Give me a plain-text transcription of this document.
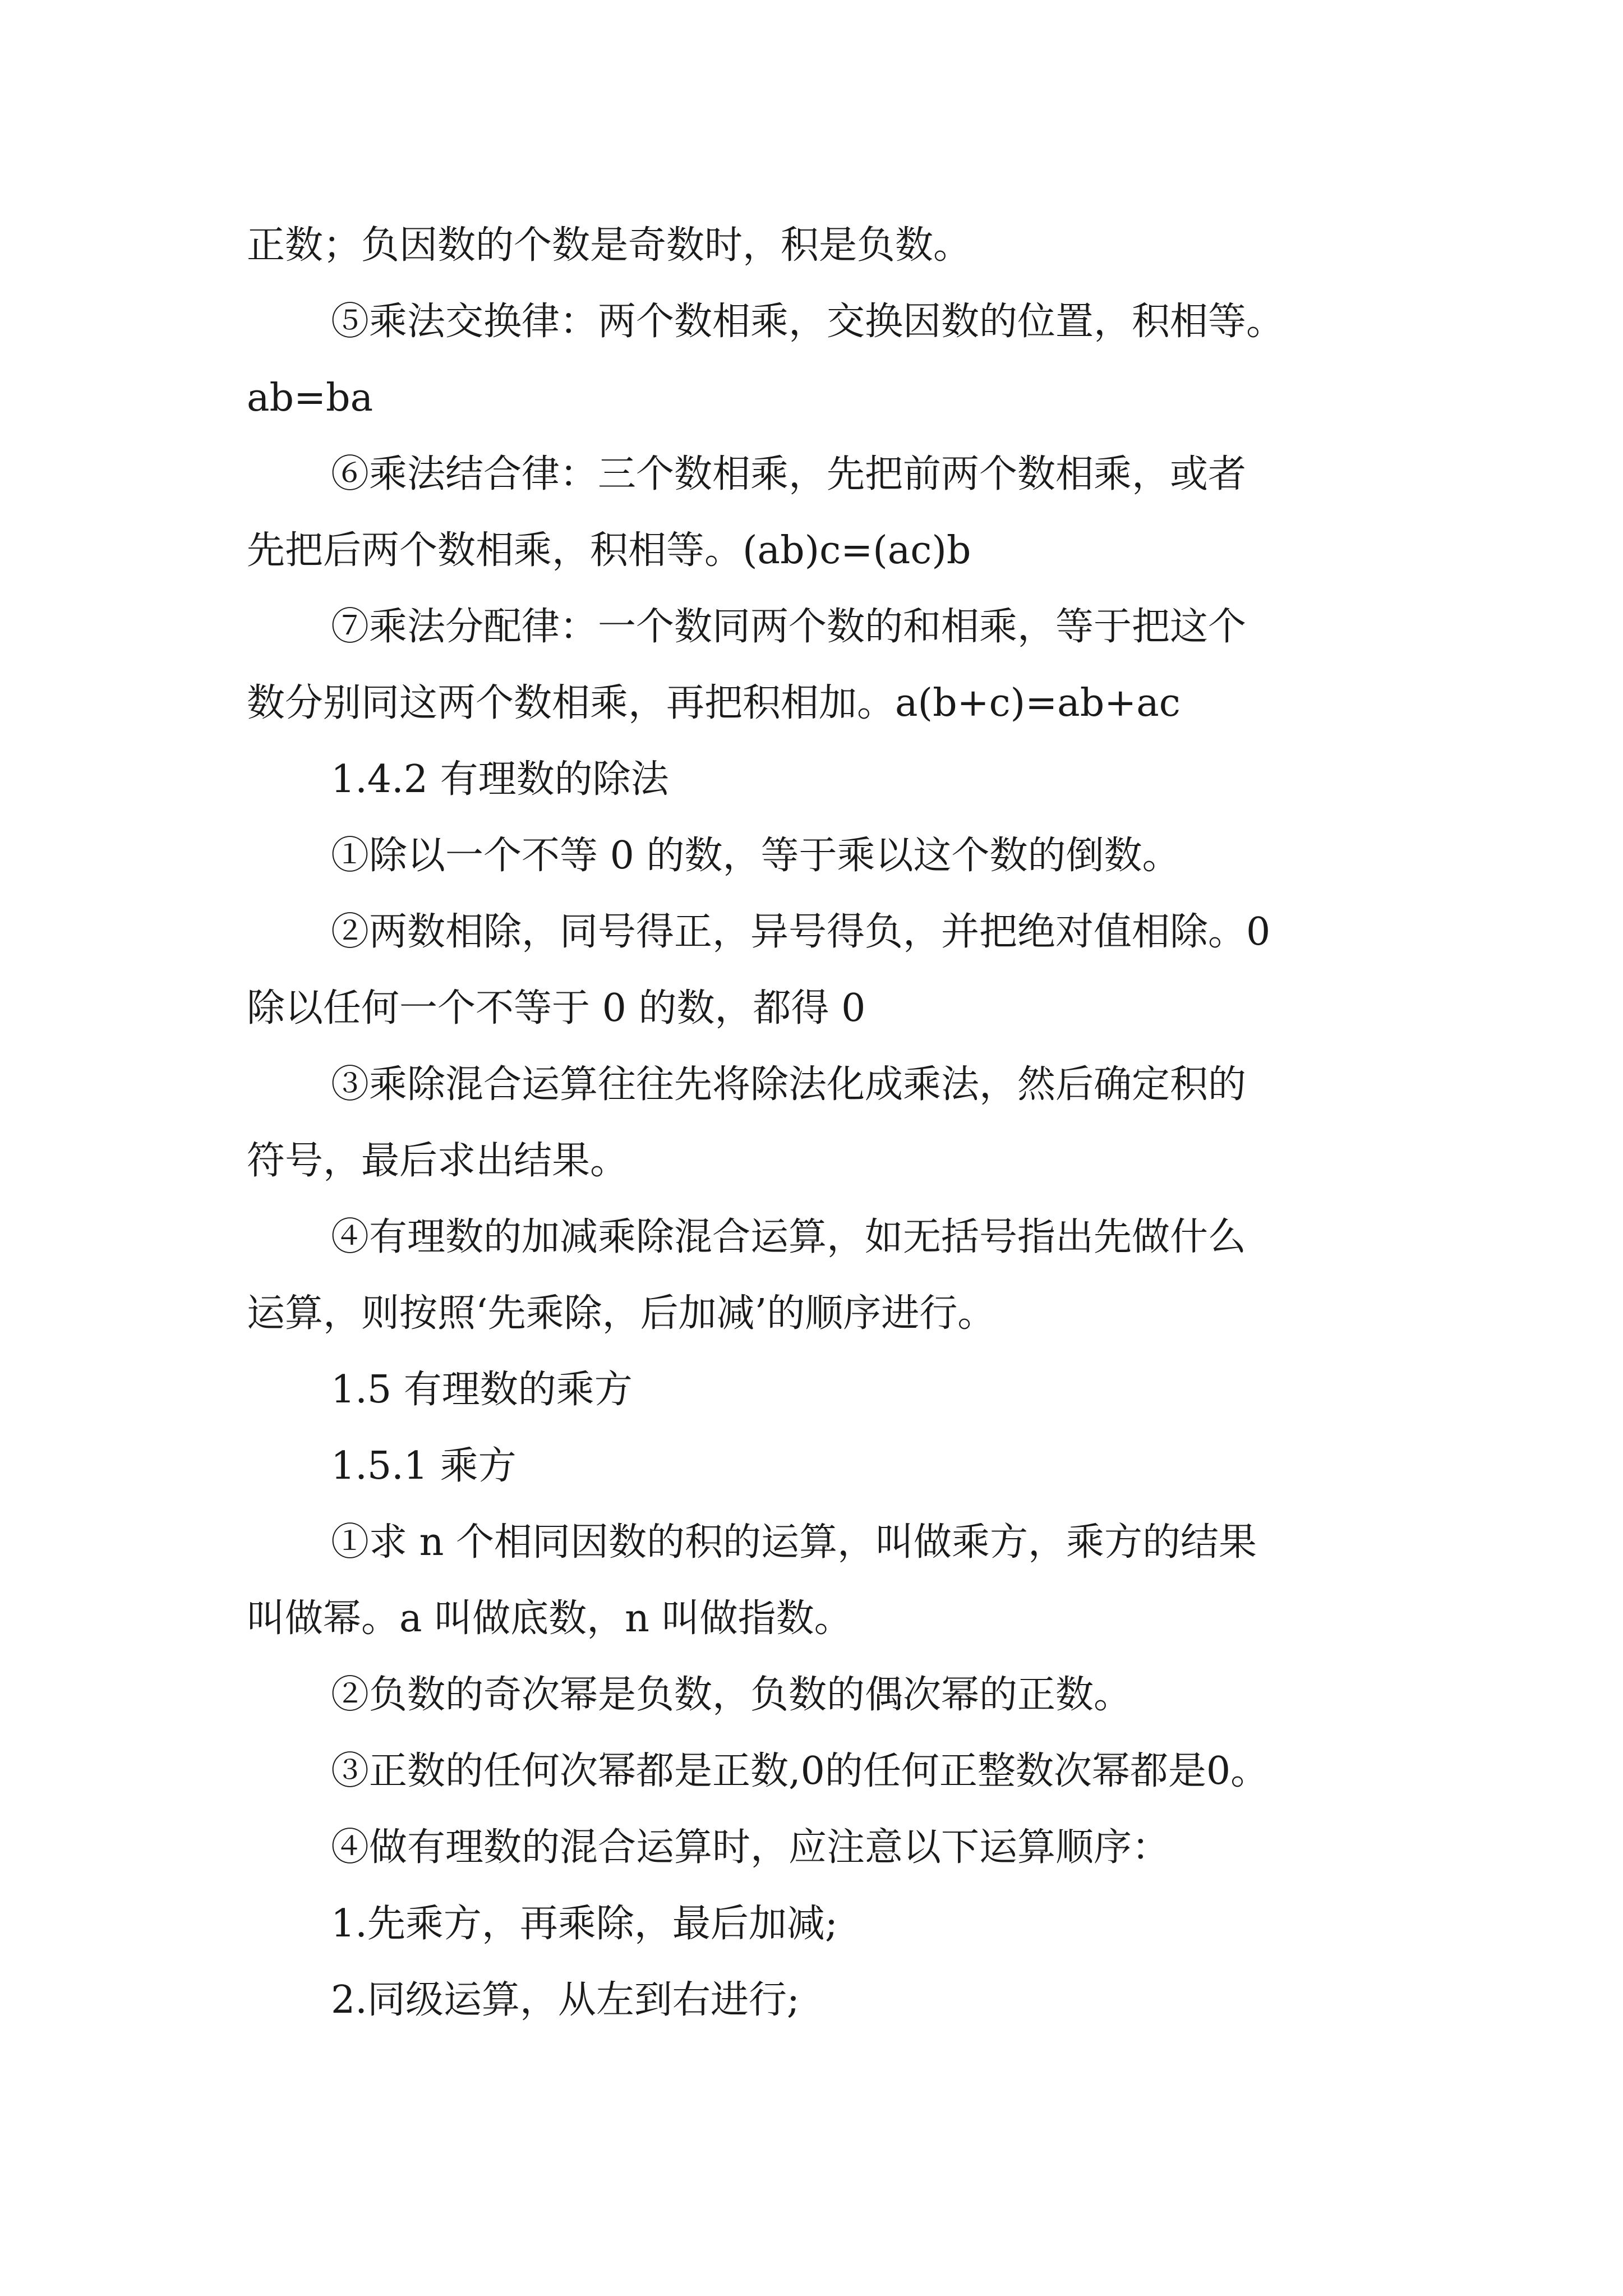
正数；负因数的个数是奇数时，积是负数。
⑤乘法交换律：两个数相乘，交换因数的位置，积相等。
ab=ba
⑥乘法结合律：三个数相乘，先把前两个数相乘，或者
先把后两个数相乘，积相等。(ab)c=(ac)b
⑦乘法分配律：一个数同两个数的和相乘，等于把这个
数分别同这两个数相乘，再把积相加。a(b+c)=ab+ac
1.4.2 有理数的除法
①除以一个不等 0 的数，等于乘以这个数的倒数。
②两数相除，同号得正，异号得负，并把绝对值相除。0
除以任何一个不等于 0 的数，都得 0
③乘除混合运算往往先将除法化成乘法，然后确定积的
符号，最后求出结果。
④有理数的加减乘除混合运算，如无括号指出先做什么
运算，则按照‘先乘除，后加减’的顺序进行。
1.5 有理数的乘方
1.5.1 乘方
①求 n 个相同因数的积的运算，叫做乘方，乘方的结果
叫做幂。a 叫做底数，n 叫做指数。
②负数的奇次幂是负数，负数的偶次幂的正数。
③正数的任何次幂都是正数,0的任何正整数次幂都是0。
④做有理数的混合运算时，应注意以下运算顺序：
1.先乘方，再乘除，最后加减;
2.同级运算，从左到右进行;
